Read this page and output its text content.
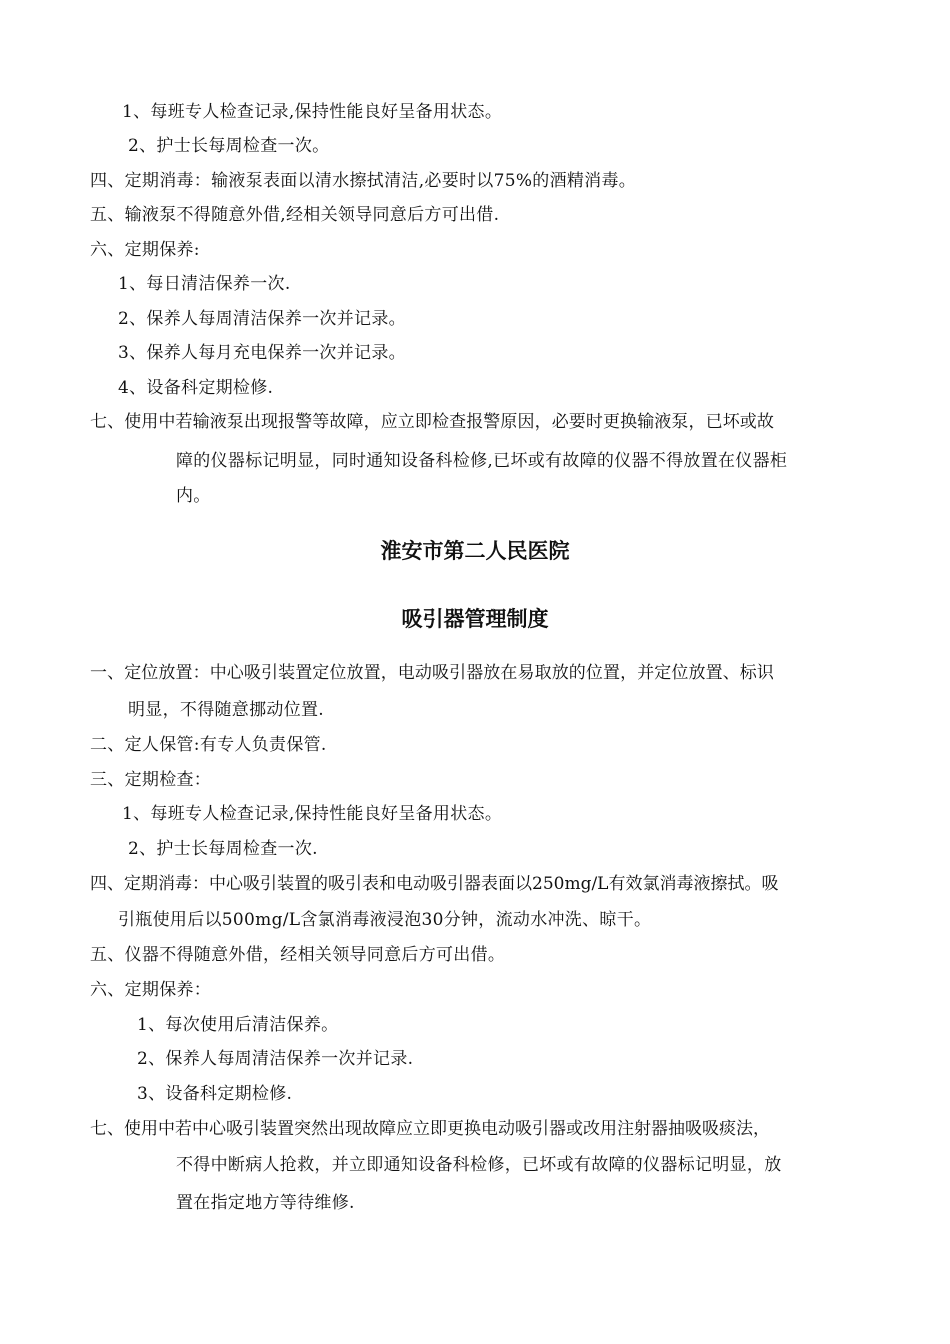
1、每班专人检查记录,保持性能良好呈备用状态。
2、护士长每周检查一次。
四、定期消毒：输液泵表面以清水擦拭清洁,必要时以75%的酒精消毒。
五、输液泵不得随意外借,经相关领导同意后方可出借.
六、定期保养:
1、每日清洁保养一次.
2、保养人每周清洁保养一次并记录。
3、保养人每月充电保养一次并记录。
4、设备科定期检修.
七、使用中若输液泵出现报警等故障，应立即检查报警原因，必要时更换输液泵，已坏或故
障的仪器标记明显，同时通知设备科检修,已坏或有故障的仪器不得放置在仪器柜
内。
淮安市第二人民医院
吸引器管理制度
一、定位放置：中心吸引装置定位放置，电动吸引器放在易取放的位置，并定位放置、标识
明显，不得随意挪动位置.
二、定人保管:有专人负责保管.
三、定期检查：
1、每班专人检查记录,保持性能良好呈备用状态。
2、护士长每周检查一次.
四、定期消毒：中心吸引装置的吸引表和电动吸引器表面以250mg/L有效氯消毒液擦拭。吸
引瓶使用后以500mg/L含氯消毒液浸泡30分钟，流动水冲洗、晾干。
五、仪器不得随意外借，经相关领导同意后方可出借。
六、定期保养：
1、每次使用后清洁保养。
2、保养人每周清洁保养一次并记录.
3、设备科定期检修.
七、使用中若中心吸引装置突然出现故障应立即更换电动吸引器或改用注射器抽吸吸痰法，
不得中断病人抢救，并立即通知设备科检修，已坏或有故障的仪器标记明显，放
置在指定地方等待维修.
